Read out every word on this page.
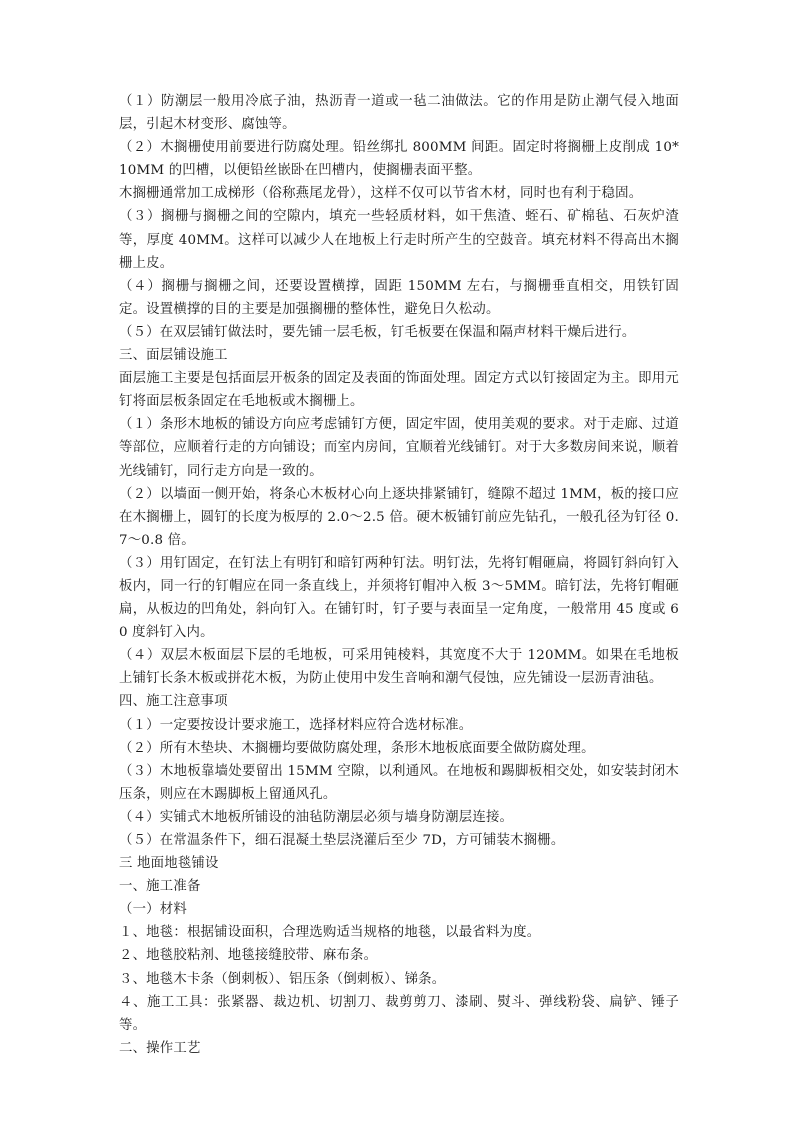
（１）防潮层一般用冷底子油，热沥青一道或一毡二油做法。它的作用是防止潮气侵入地面层，引起木材变形、腐蚀等。

（２）木搁栅使用前要进行防腐处理。铅丝绑扎 800MM 间距。固定时将搁栅上皮削成 10*10MM 的凹槽，以便铅丝嵌卧在凹槽内，使搁栅表面平整。

木搁栅通常加工成梯形（俗称燕尾龙骨），这样不仅可以节省木材，同时也有利于稳固。

（３）搁栅与搁栅之间的空隙内，填充一些轻质材料，如干焦渣、蛭石、矿棉毡、石灰炉渣等，厚度 40MM。这样可以减少人在地板上行走时所产生的空鼓音。填充材料不得高出木搁栅上皮。

（４）搁栅与搁栅之间，还要设置横撑，固距 150MM 左右，与搁栅垂直相交，用铁钉固定。设置横撑的目的主要是加强搁栅的整体性，避免日久松动。

（５）在双层铺钉做法时，要先铺一层毛板，钉毛板要在保温和隔声材料干燥后进行。

三、面层铺设施工

面层施工主要是包括面层开板条的固定及表面的饰面处理。固定方式以钉接固定为主。即用元钉将面层板条固定在毛地板或木搁栅上。

（１）条形木地板的铺设方向应考虑铺钉方便，固定牢固，使用美观的要求。对于走廊、过道等部位，应顺着行走的方向铺设；而室内房间，宜顺着光线铺钉。对于大多数房间来说，顺着光线铺钉，同行走方向是一致的。

（２）以墙面一侧开始，将条心木板材心向上逐块排紧铺钉，缝隙不超过 1MM，板的接口应在木搁栅上，圆钉的长度为板厚的 2.0～2.5 倍。硬木板铺钉前应先钻孔，一般孔径为钉径 0.7～0.8 倍。

（３）用钉固定，在钉法上有明钉和暗钉两种钉法。明钉法，先将钉帽砸扁，将圆钉斜向钉入板内，同一行的钉帽应在同一条直线上，并须将钉帽冲入板 3～5MM。暗钉法，先将钉帽砸扁，从板边的凹角处，斜向钉入。在铺钉时，钉子要与表面呈一定角度，一般常用 45 度或 60 度斜钉入内。

（４）双层木板面层下层的毛地板，可采用钝棱料，其宽度不大于 120MM。如果在毛地板上铺钉长条木板或拼花木板，为防止使用中发生音响和潮气侵蚀，应先铺设一层沥青油毡。

四、施工注意事项

（１）一定要按设计要求施工，选择材料应符合选材标准。

（２）所有木垫块、木搁栅均要做防腐处理，条形木地板底面要全做防腐处理。

（３）木地板靠墙处要留出 15MM 空隙，以利通风。在地板和踢脚板相交处，如安装封闭木压条，则应在木踢脚板上留通风孔。

（４）实铺式木地板所铺设的油毡防潮层必须与墙身防潮层连接。

（５）在常温条件下，细石混凝土垫层浇灌后至少 7D，方可铺装木搁栅。

三 地面地毯铺设

一、施工准备

（一）材料

１、地毯：根据铺设面积，合理选购适当规格的地毯，以最省料为度。

２、地毯胶粘剂、地毯接缝胶带、麻布条。

３、地毯木卡条（倒刺板）、铝压条（倒刺板）、锑条。

４、施工工具：张紧器、裁边机、切割刀、裁剪剪刀、漆刷、熨斗、弹线粉袋、扁铲、锤子等。

二、操作工艺
